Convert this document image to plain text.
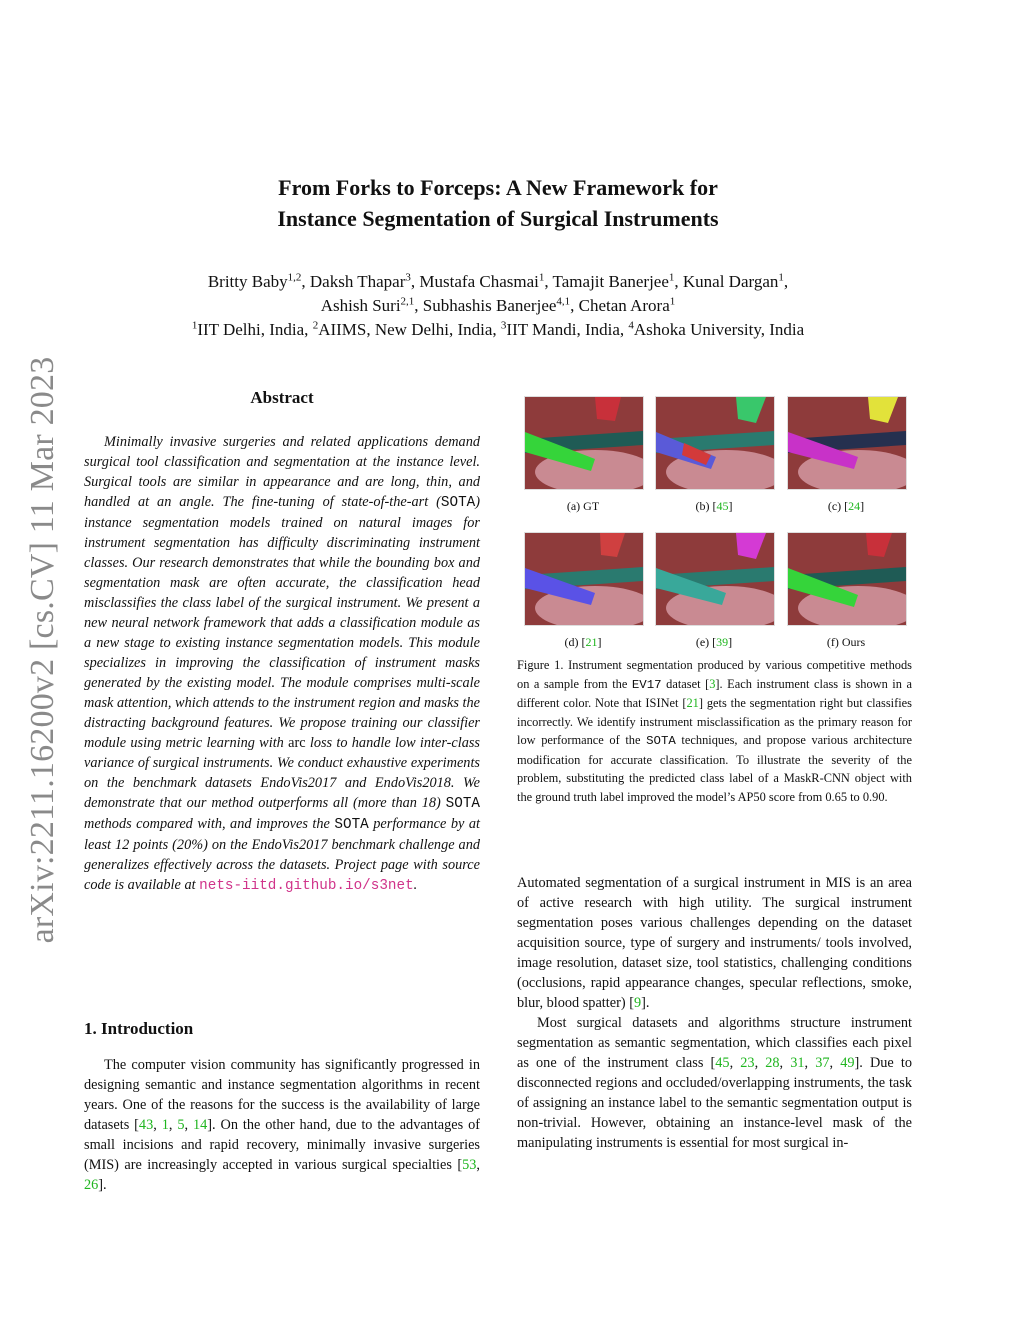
arXiv:2211.16200v2 [cs.CV] 11 Mar 2023
From Forks to Forceps: A New Framework for
Instance Segmentation of Surgical Instruments
Britty Baby$^{1,2}$, Daksh Thapar$^3$, Mustafa Chasmai$^1$, Tamajit Banerjee$^1$, Kunal Dargan$^1$,
Ashish Suri$^{2,1}$, Subhashis Banerjee$^{4,1}$, Chetan Arora$^1$
$^1$IIT Delhi, India, $^2$AIIMS, New Delhi, India, $^3$IIT Mandi, India, $^4$Ashoka University, India
Abstract
Minimally invasive surgeries and related applications demand surgical tool classification and segmentation at the instance level. Surgical tools are similar in appearance and are long, thin, and handled at an angle. The fine-tuning of state-of-the-art (SOTA) instance segmentation models trained on natural images for instrument segmentation has difficulty discriminating instrument classes. Our research demonstrates that while the bounding box and segmentation mask are often accurate, the classification head misclassifies the class label of the surgical instrument. We present a new neural network framework that adds a classification module as a new stage to existing instance segmentation models. This module specializes in improving the classification of instrument masks generated by the existing model. The module comprises multi-scale mask attention, which attends to the instrument region and masks the distracting background features. We propose training our classifier module using metric learning with arc loss to handle low inter-class variance of surgical instruments. We conduct exhaustive experiments on the benchmark datasets EndoVis2017 and EndoVis2018. We demonstrate that our method outperforms all (more than 18) SOTA methods compared with, and improves the SOTA performance by at least 12 points (20%) on the EndoVis2017 benchmark challenge and generalizes effectively across the datasets. Project page with source code is available at nets-iitd.github.io/s3net.
1. Introduction
The computer vision community has significantly progressed in designing semantic and instance segmentation algorithms in recent years. One of the reasons for the success is the availability of large datasets [43, 1, 5, 14]. On the other hand, due to the advantages of small incisions and rapid recovery, minimally invasive surgeries (MIS) are increasingly accepted in various surgical specialties [53, 26].
(a) GT	(b) [45]	(c) [24]
(d) [21]	(e) [39]	(f) Ours
Figure 1. Instrument segmentation produced by various competitive methods on a sample from the EV17 dataset [3]. Each instrument class is shown in a different color. Note that ISINet [21] gets the segmentation right but classifies incorrectly. We identify instrument misclassification as the primary reason for low performance of the SOTA techniques, and propose various architecture modification for accurate classification. To illustrate the severity of the problem, substituting the predicted class label of a MaskR-CNN object with the ground truth label improved the model’s AP50 score from 0.65 to 0.90.

Automated segmentation of a surgical instrument in MIS is an area of active research with high utility. The surgical instrument segmentation poses various challenges depending on the dataset acquisition source, type of surgery and instruments/ tools involved, image resolution, dataset size, tool statistics, challenging conditions (occlusions, rapid appearance changes, specular reflections, smoke, blur, blood spatter) [9].

Most surgical datasets and algorithms structure instrument segmentation as semantic segmentation, which classifies each pixel as one of the instrument class [45, 23, 28, 31, 37, 49]. Due to disconnected regions and occluded/overlapping instruments, the task of assigning an instance label to the semantic segmentation output is non-trivial. However, obtaining an instance-level mask of the manipulating instruments is essential for most surgical in-
